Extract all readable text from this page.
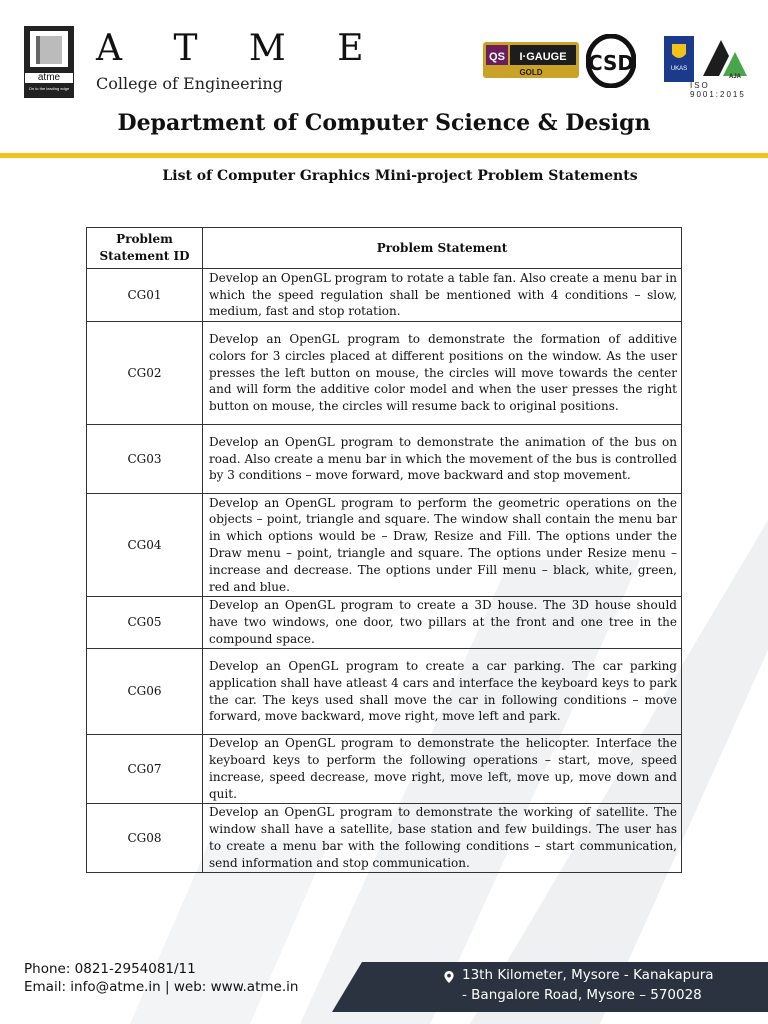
atme
On to the leading edge
A T M E
College of Engineering
QS I·GAUGE
GOLD CSD	UKAS
AJA
ISO 9001:2015
Department of Computer Science & Design
List of Computer Graphics Mini-project Problem Statements
Problem Statement ID	Problem Statement
CG01	Develop an OpenGL program to rotate a table fan. Also create a menu bar in which the speed regulation shall be mentioned with 4 conditions – slow, medium, fast and stop rotation.
CG02	Develop an OpenGL program to demonstrate the formation of additive colors for 3 circles placed at different positions on the window. As the user presses the left button on mouse, the circles will move towards the center and will form the additive color model and when the user presses the right button on mouse, the circles will resume back to original positions.
CG03	Develop an OpenGL program to demonstrate the animation of the bus on road. Also create a menu bar in which the movement of the bus is controlled by 3 conditions – move forward, move backward and stop movement.
CG04	Develop an OpenGL program to perform the geometric operations on the objects – point, triangle and square. The window shall contain the menu bar in which options would be – Draw, Resize and Fill. The options under the Draw menu – point, triangle and square. The options under Resize menu – increase and decrease. The options under Fill menu – black, white, green, red and blue.
CG05	Develop an OpenGL program to create a 3D house. The 3D house should have two windows, one door, two pillars at the front and one tree in the compound space.
CG06	Develop an OpenGL program to create a car parking. The car parking application shall have atleast 4 cars and interface the keyboard keys to park the car. The keys used shall move the car in following conditions – move forward, move backward, move right, move left and park.
CG07	Develop an OpenGL program to demonstrate the helicopter. Interface the keyboard keys to perform the following operations – start, move, speed increase, speed decrease, move right, move left, move up, move down and quit.
CG08	Develop an OpenGL program to demonstrate the working of satellite. The window shall have a satellite, base station and few buildings. The user has to create a menu bar with the following conditions – start communication, send information and stop communication.
Phone: 0821-2954081/11
Email: info@atme.in | web: www.atme.in
13th Kilometer, Mysore - Kanakapura
- Bangalore Road, Mysore – 570028
